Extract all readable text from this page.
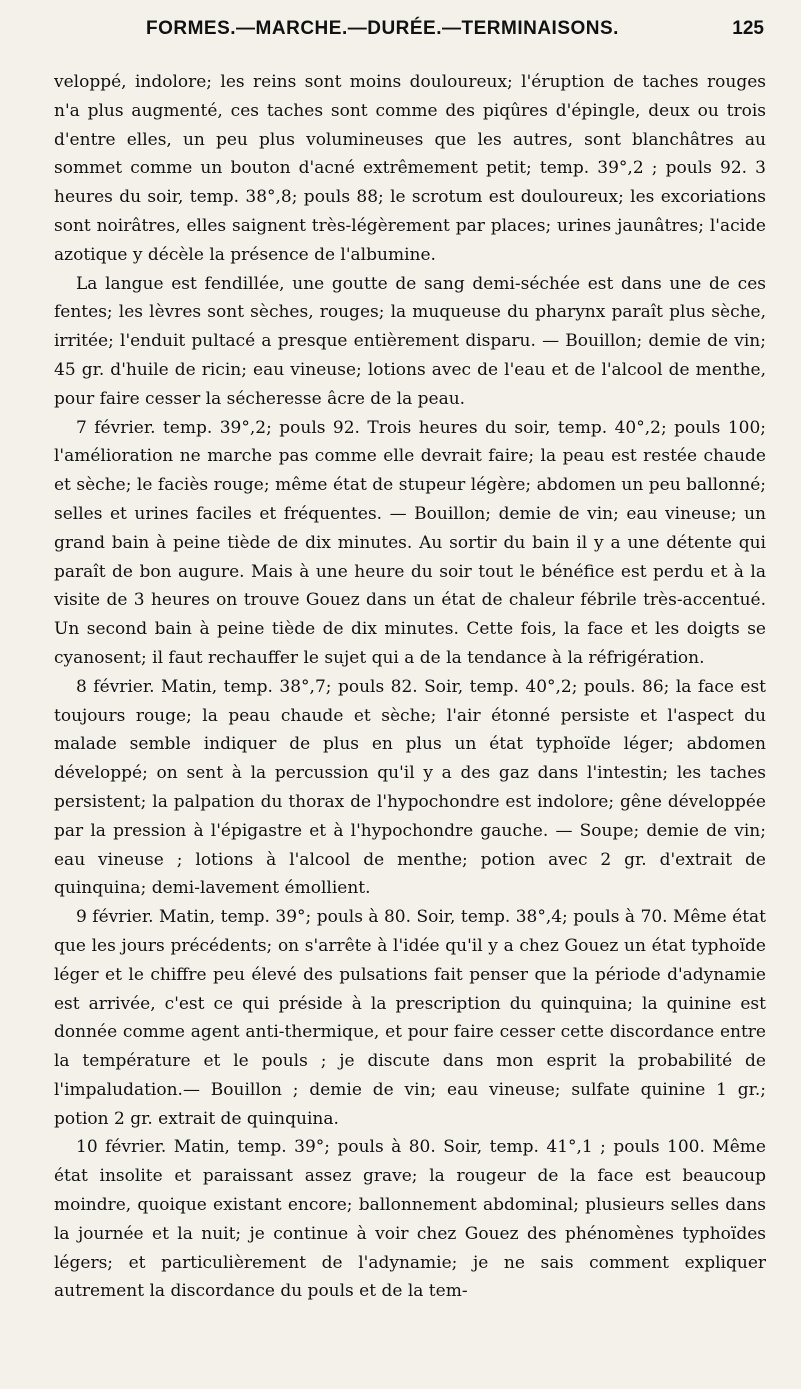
FORMES.—MARCHE.—DURÉE.—TERMINAISONS.	125

veloppé, indolore; les reins sont moins douloureux; l'éruption de taches rouges n'a plus augmenté, ces taches sont comme des piqûres d'épingle, deux ou trois d'entre elles, un peu plus volumineuses que les autres, sont blanchâtres au sommet comme un bouton d'acné extrêmement petit; temp. 39°,2 ; pouls 92. 3 heures du soir, temp. 38°,8; pouls 88; le scrotum est douloureux; les excoriations sont noirâtres, elles saignent très-légèrement par places; urines jaunâtres; l'acide azotique y décèle la présence de l'albumine.

La langue est fendillée, une goutte de sang demi-séchée est dans une de ces fentes; les lèvres sont sèches, rouges; la muqueuse du pharynx paraît plus sèche, irritée; l'enduit pultacé a presque entièrement disparu. — Bouillon; demie de vin; 45 gr. d'huile de ricin; eau vineuse; lotions avec de l'eau et de l'alcool de menthe, pour faire cesser la sécheresse âcre de la peau.

7 février. temp. 39°,2; pouls 92. Trois heures du soir, temp. 40°,2; pouls 100; l'amélioration ne marche pas comme elle devrait faire; la peau est restée chaude et sèche; le faciès rouge; même état de stupeur légère; abdomen un peu ballonné; selles et urines faciles et fréquentes. — Bouillon; demie de vin; eau vineuse; un grand bain à peine tiède de dix minutes. Au sortir du bain il y a une détente qui paraît de bon augure. Mais à une heure du soir tout le bénéfice est perdu et à la visite de 3 heures on trouve Gouez dans un état de chaleur fébrile très-accentué. Un second bain à peine tiède de dix minutes. Cette fois, la face et les doigts se cyanosent; il faut rechauffer le sujet qui a de la tendance à la réfrigération.

8 février. Matin, temp. 38°,7; pouls 82. Soir, temp. 40°,2; pouls. 86; la face est toujours rouge; la peau chaude et sèche; l'air étonné persiste et l'aspect du malade semble indiquer de plus en plus un état typhoïde léger; abdomen développé; on sent à la percussion qu'il y a des gaz dans l'intestin; les taches persistent; la palpation du thorax de l'hypochondre est indolore; gêne développée par la pression à l'épigastre et à l'hypochondre gauche. — Soupe; demie de vin; eau vineuse ; lotions à l'alcool de menthe; potion avec 2 gr. d'extrait de quinquina; demi-lavement émollient.

9 février. Matin, temp. 39°; pouls à 80. Soir, temp. 38°,4; pouls à 70. Même état que les jours précédents; on s'arrête à l'idée qu'il y a chez Gouez un état typhoïde léger et le chiffre peu élevé des pulsations fait penser que la période d'adynamie est arrivée, c'est ce qui préside à la prescription du quinquina; la quinine est donnée comme agent anti-thermique, et pour faire cesser cette discordance entre la température et le pouls ; je discute dans mon esprit la probabilité de l'impaludation.— Bouillon ; demie de vin; eau vineuse; sulfate quinine 1 gr.; potion 2 gr. extrait de quinquina.

10 février. Matin, temp. 39°; pouls à 80. Soir, temp. 41°,1 ; pouls 100. Même état insolite et paraissant assez grave; la rougeur de la face est beaucoup moindre, quoique existant encore; ballonnement abdominal; plusieurs selles dans la journée et la nuit; je continue à voir chez Gouez des phénomènes typhoïdes légers; et particulièrement de l'adynamie; je ne sais comment expliquer autrement la discordance du pouls et de la tem-
